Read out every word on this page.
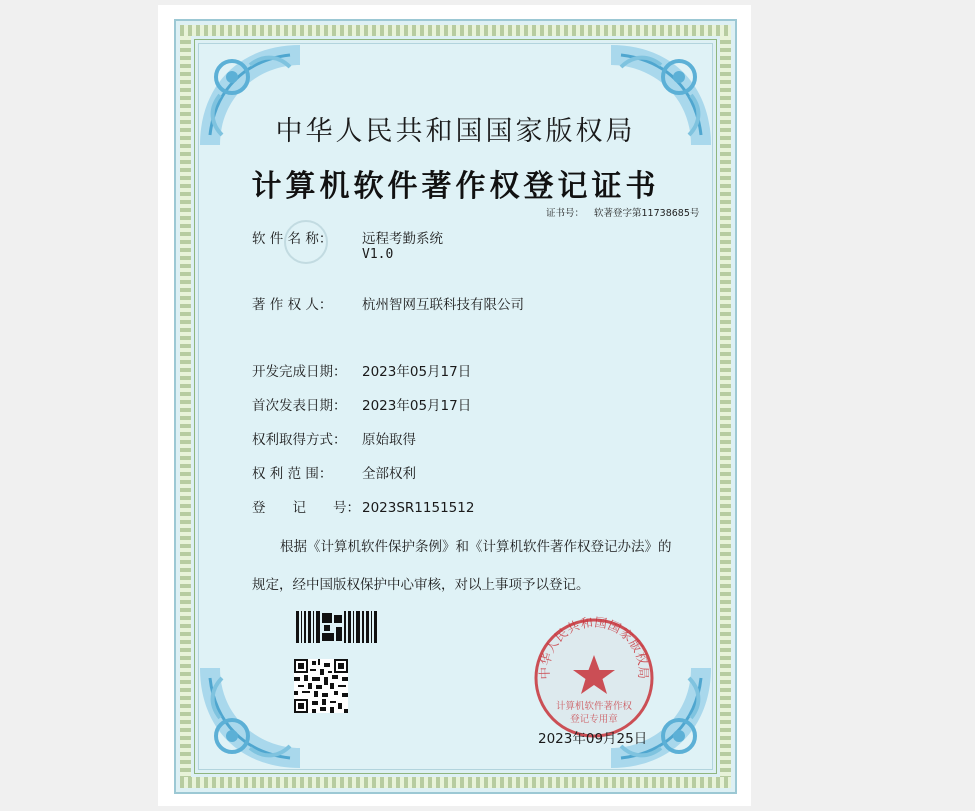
中华人民共和国国家版权局
计算机软件著作权登记证书
证书号： 软著登字第11738685号
软 件 名 称： 远程考勤系统
V1.0
著 作 权 人： 杭州智网互联科技有限公司
开发完成日期： 2023年05月17日
首次发表日期： 2023年05月17日
权利取得方式： 原始取得
权 利 范 围： 全部权利
登　　记　　号： 2023SR1151512
根据《计算机软件保护条例》和《计算机软件著作权登记办法》的
规定，经中国版权保护中心审核，对以上事项予以登记。
中华人民共和国国家版权局
计算机软件著作权
登记专用章
2023年09月25日
